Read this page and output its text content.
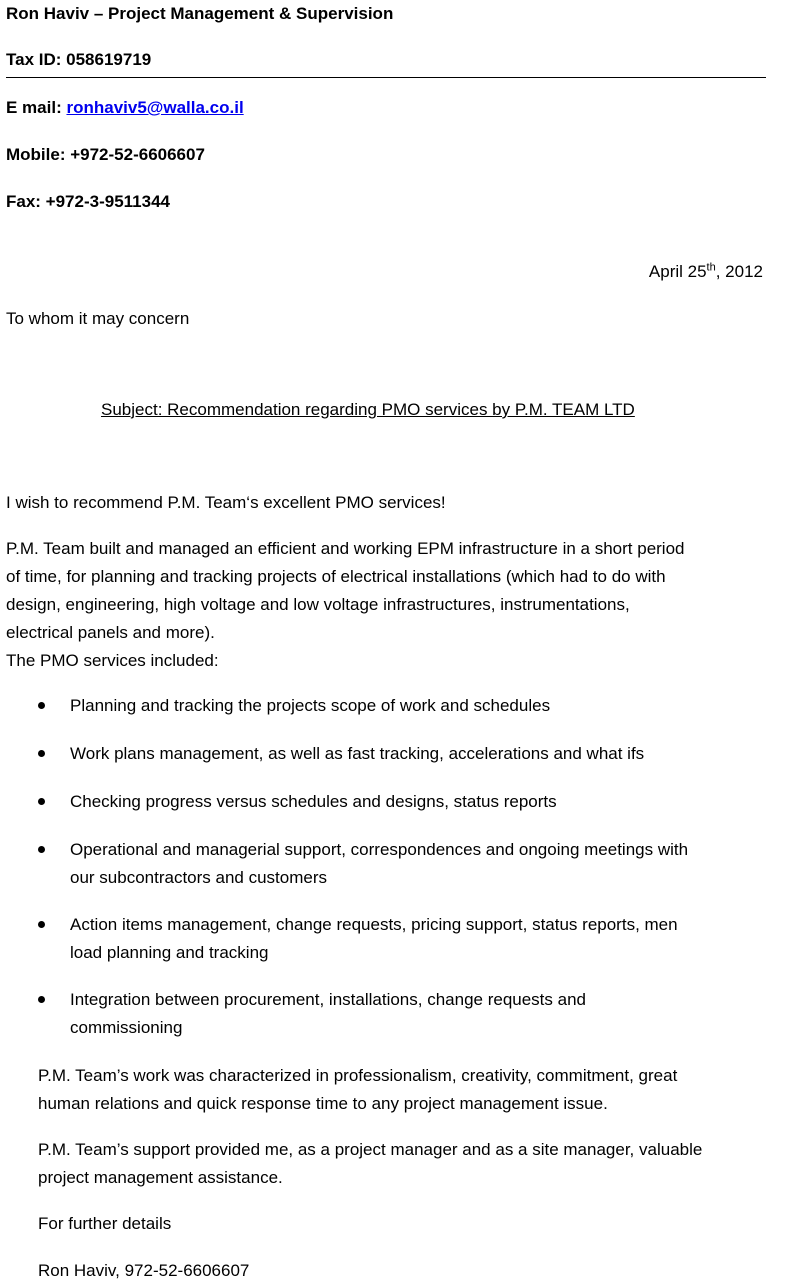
Ron Haviv – Project Management & Supervision
Tax ID: 058619719
E mail: ronhaviv5@walla.co.il
Mobile: +972-52-6606607
Fax: +972-3-9511344
April 25th, 2012
To whom it may concern
Subject: Recommendation regarding PMO services by P.M. TEAM LTD
I wish to recommend P.M. Team‘s excellent PMO services!
P.M. Team built and managed an efficient and working EPM infrastructure in a short period
of time, for planning and tracking projects of electrical installations (which had to do with
design, engineering, high voltage and low voltage infrastructures, instrumentations,
electrical panels and more).
The PMO services included:
Planning and tracking the projects scope of work and schedules
Work plans management, as well as fast tracking, accelerations and what ifs
Checking progress versus schedules and designs, status reports
Operational and managerial support, correspondences and ongoing meetings with
our subcontractors and customers
Action items management, change requests, pricing support, status reports, men
load planning and tracking
Integration between procurement, installations, change requests and
commissioning
P.M. Team’s work was characterized in professionalism, creativity, commitment, great
human relations and quick response time to any project management issue.
P.M. Team’s support provided me, as a project manager and as a site manager, valuable
project management assistance.
For further details
Ron Haviv, 972-52-6606607
